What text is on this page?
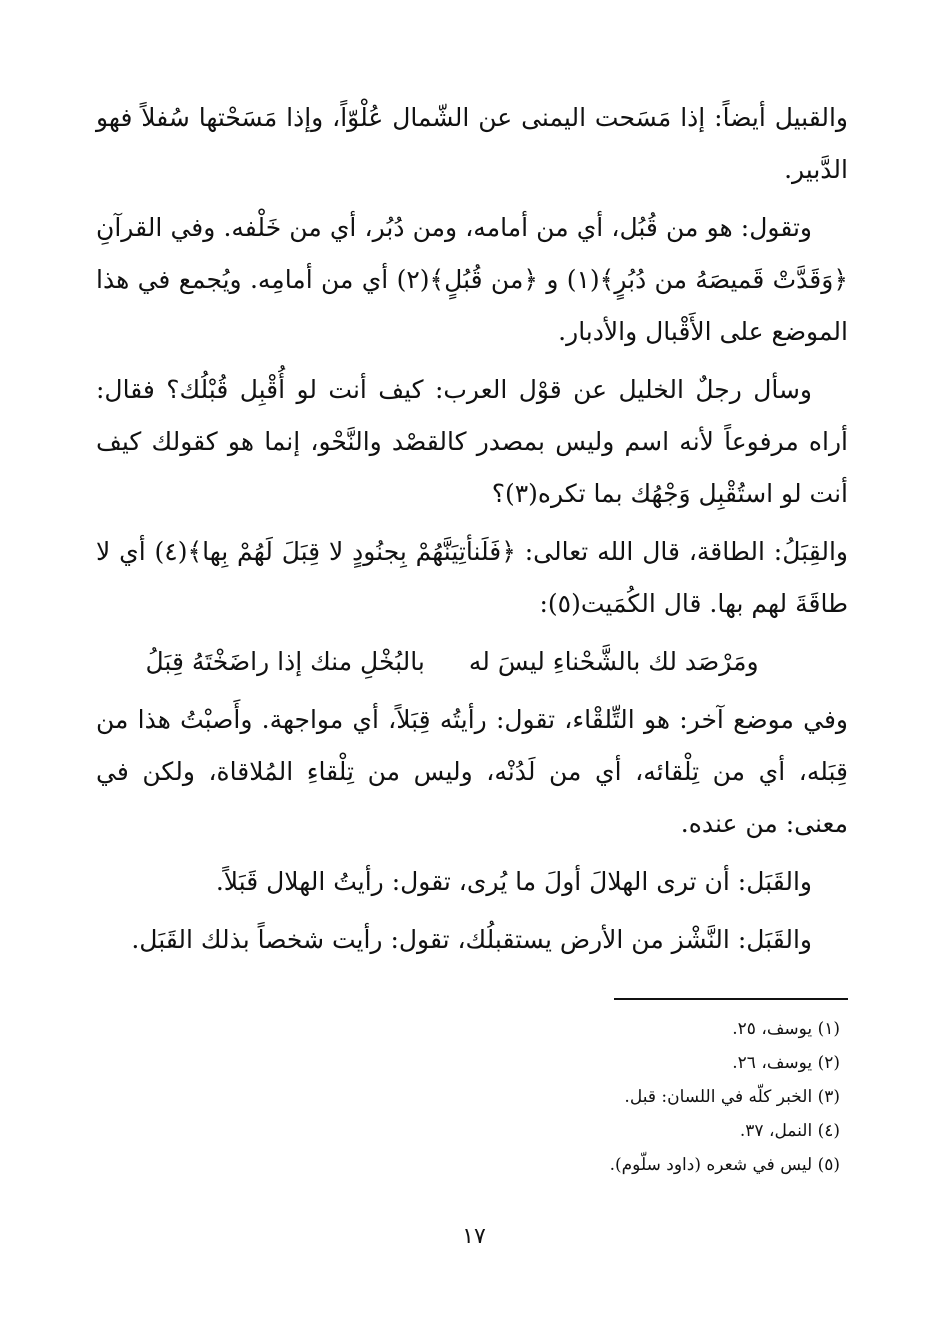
والقبيل أيضاً: إذا مَسَحت اليمنى عن الشّمال عُلْوّاً، وإذا مَسَحْتها سُفلاً فهو الدَّبير.

وتقول: هو من قُبُل، أي من أمامه، ومن دُبُر، أي من خَلْفه. وفي القرآنِ ﴿وَقَدَّتْ قَميصَهُ من دُبُرٍ﴾(١) و ﴿من قُبُلٍ﴾(٢) أي من أمامِه. ويُجمع في هذا الموضع على الأَقْبال والأدبار.

وسأل رجلٌ الخليل عن قوْل العرب: كيف أنت لو أُقْبِل قُبْلُك؟ فقال: أراه مرفوعاً لأنه اسم وليس بمصدر كالقصْد والنَّحْو، إنما هو كقولك كيف أنت لو استُقْبِل وَجْهُك بما تكره(٣)؟

والقِبَلُ: الطاقة، قال الله تعالى: ﴿فَلَنأتِيَنَّهُمْ بِجنُودٍ لا قِبَلَ لَهُمْ بِها﴾(٤) أي لا طاقَةَ لهم بها. قال الكُمَيت(٥):

ومَرْصَد لك بالشَّحْناءِ ليسَ له
بالبُخْلِ منك إذا راضَخْتَهُ قِبَلُ

وفي موضع آخر: هو التِّلقْاء، تقول: رأيتُه قِبَلاً، أي مواجهة. وأَصبْتُ هذا من قِبَله، أي من تِلْقائه، أي من لَدُنْه، وليس من تِلْقاءِ المُلاقاة، ولكن في معنى: من عنده.

والقَبَل: أن ترى الهلالَ أولَ ما يُرى، تقول: رأيتُ الهلال قَبَلاً.

والقَبَل: النَّشْز من الأرض يستقبلُك، تقول: رأيت شخصاً بذلك القَبَل.

(١) يوسف، ٢٥.

(٢) يوسف، ٢٦.

(٣) الخبر كلّه في اللسان: قبل.

(٤) النمل، ٣٧.

(٥) ليس في شعره (داود سلّوم).

١٧
